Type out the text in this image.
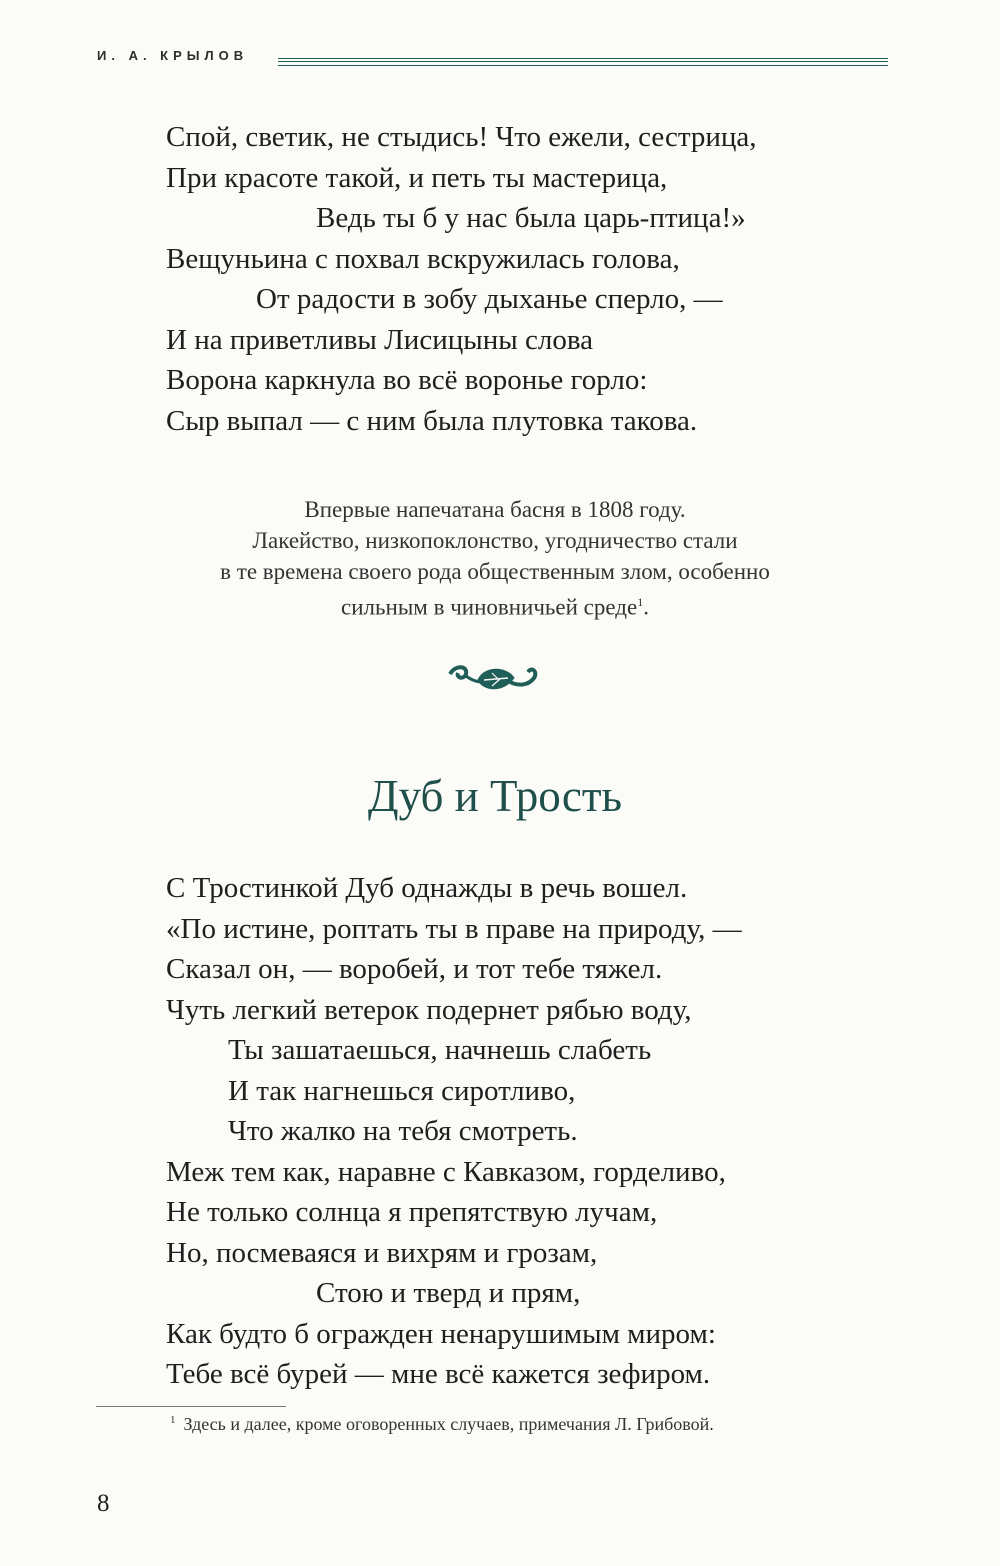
И. А. КРЫЛОВ
Спой, светик, не стыдись! Что ежели, сестрица,
При красоте такой, и петь ты мастерица,
Ведь ты б у нас была царь-птица!»
Вещуньина с похвал вскружилась голова,
От радости в зобу дыханье сперло, —
И на приветливы Лисицыны слова
Ворона каркнула во всё воронье горло:
Сыр выпал — с ним была плутовка такова.
Впервые напечатана басня в 1808 году.
Лакейство, низкопоклонство, угодничество стали
в те времена своего рода общественным злом, особенно
сильным в чиновничьей среде$^1$.
Дуб и Трость
С Тростинкой Дуб однажды в речь вошел.
«По истине, роптать ты в праве на природу, —
Сказал он, — воробей, и тот тебе тяжел.
Чуть легкий ветерок подернет рябью воду,
Ты зашатаешься, начнешь слабеть
И так нагнешься сиротливо,
Что жалко на тебя смотреть.
Меж тем как, наравне с Кавказом, горделиво,
Не только солнца я препятствую лучам,
Но, посмеваяся и вихрям и грозам,
Стою и тверд и прям,
Как будто б огражден ненарушимым миром:
Тебе всё бурей — мне всё кажется зефиром.
$^1$ Здесь и далее, кроме оговоренных случаев, примечания Л. Грибовой.
8
